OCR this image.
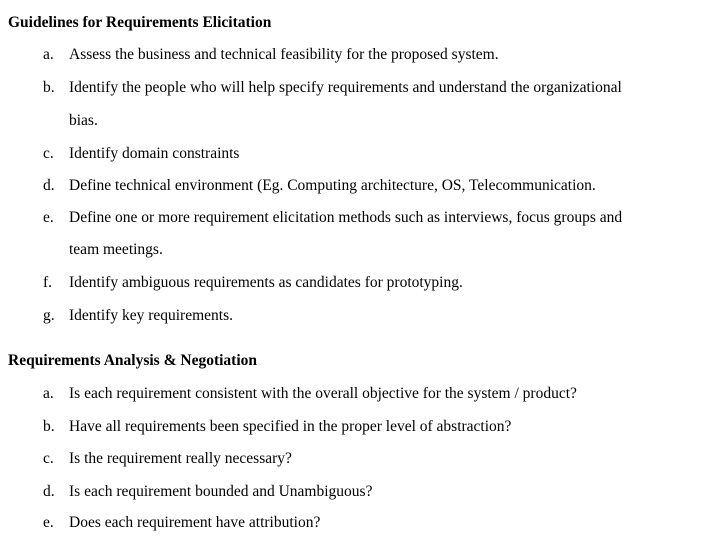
Guidelines for Requirements Elicitation
a. Assess the business and technical feasibility for the proposed system.
b. Identify the people who will help specify requirements and understand the organizational
bias.
c. Identify domain constraints
d. Define technical environment (Eg. Computing architecture, OS, Telecommunication.
e. Define one or more requirement elicitation methods such as interviews, focus groups and
team meetings.
f. Identify ambiguous requirements as candidates for prototyping.
g. Identify key requirements.
Requirements Analysis & Negotiation
a. Is each requirement consistent with the overall objective for the system / product?
b. Have all requirements been specified in the proper level of abstraction?
c. Is the requirement really necessary?
d. Is each requirement bounded and Unambiguous?
e. Does each requirement have attribution?
